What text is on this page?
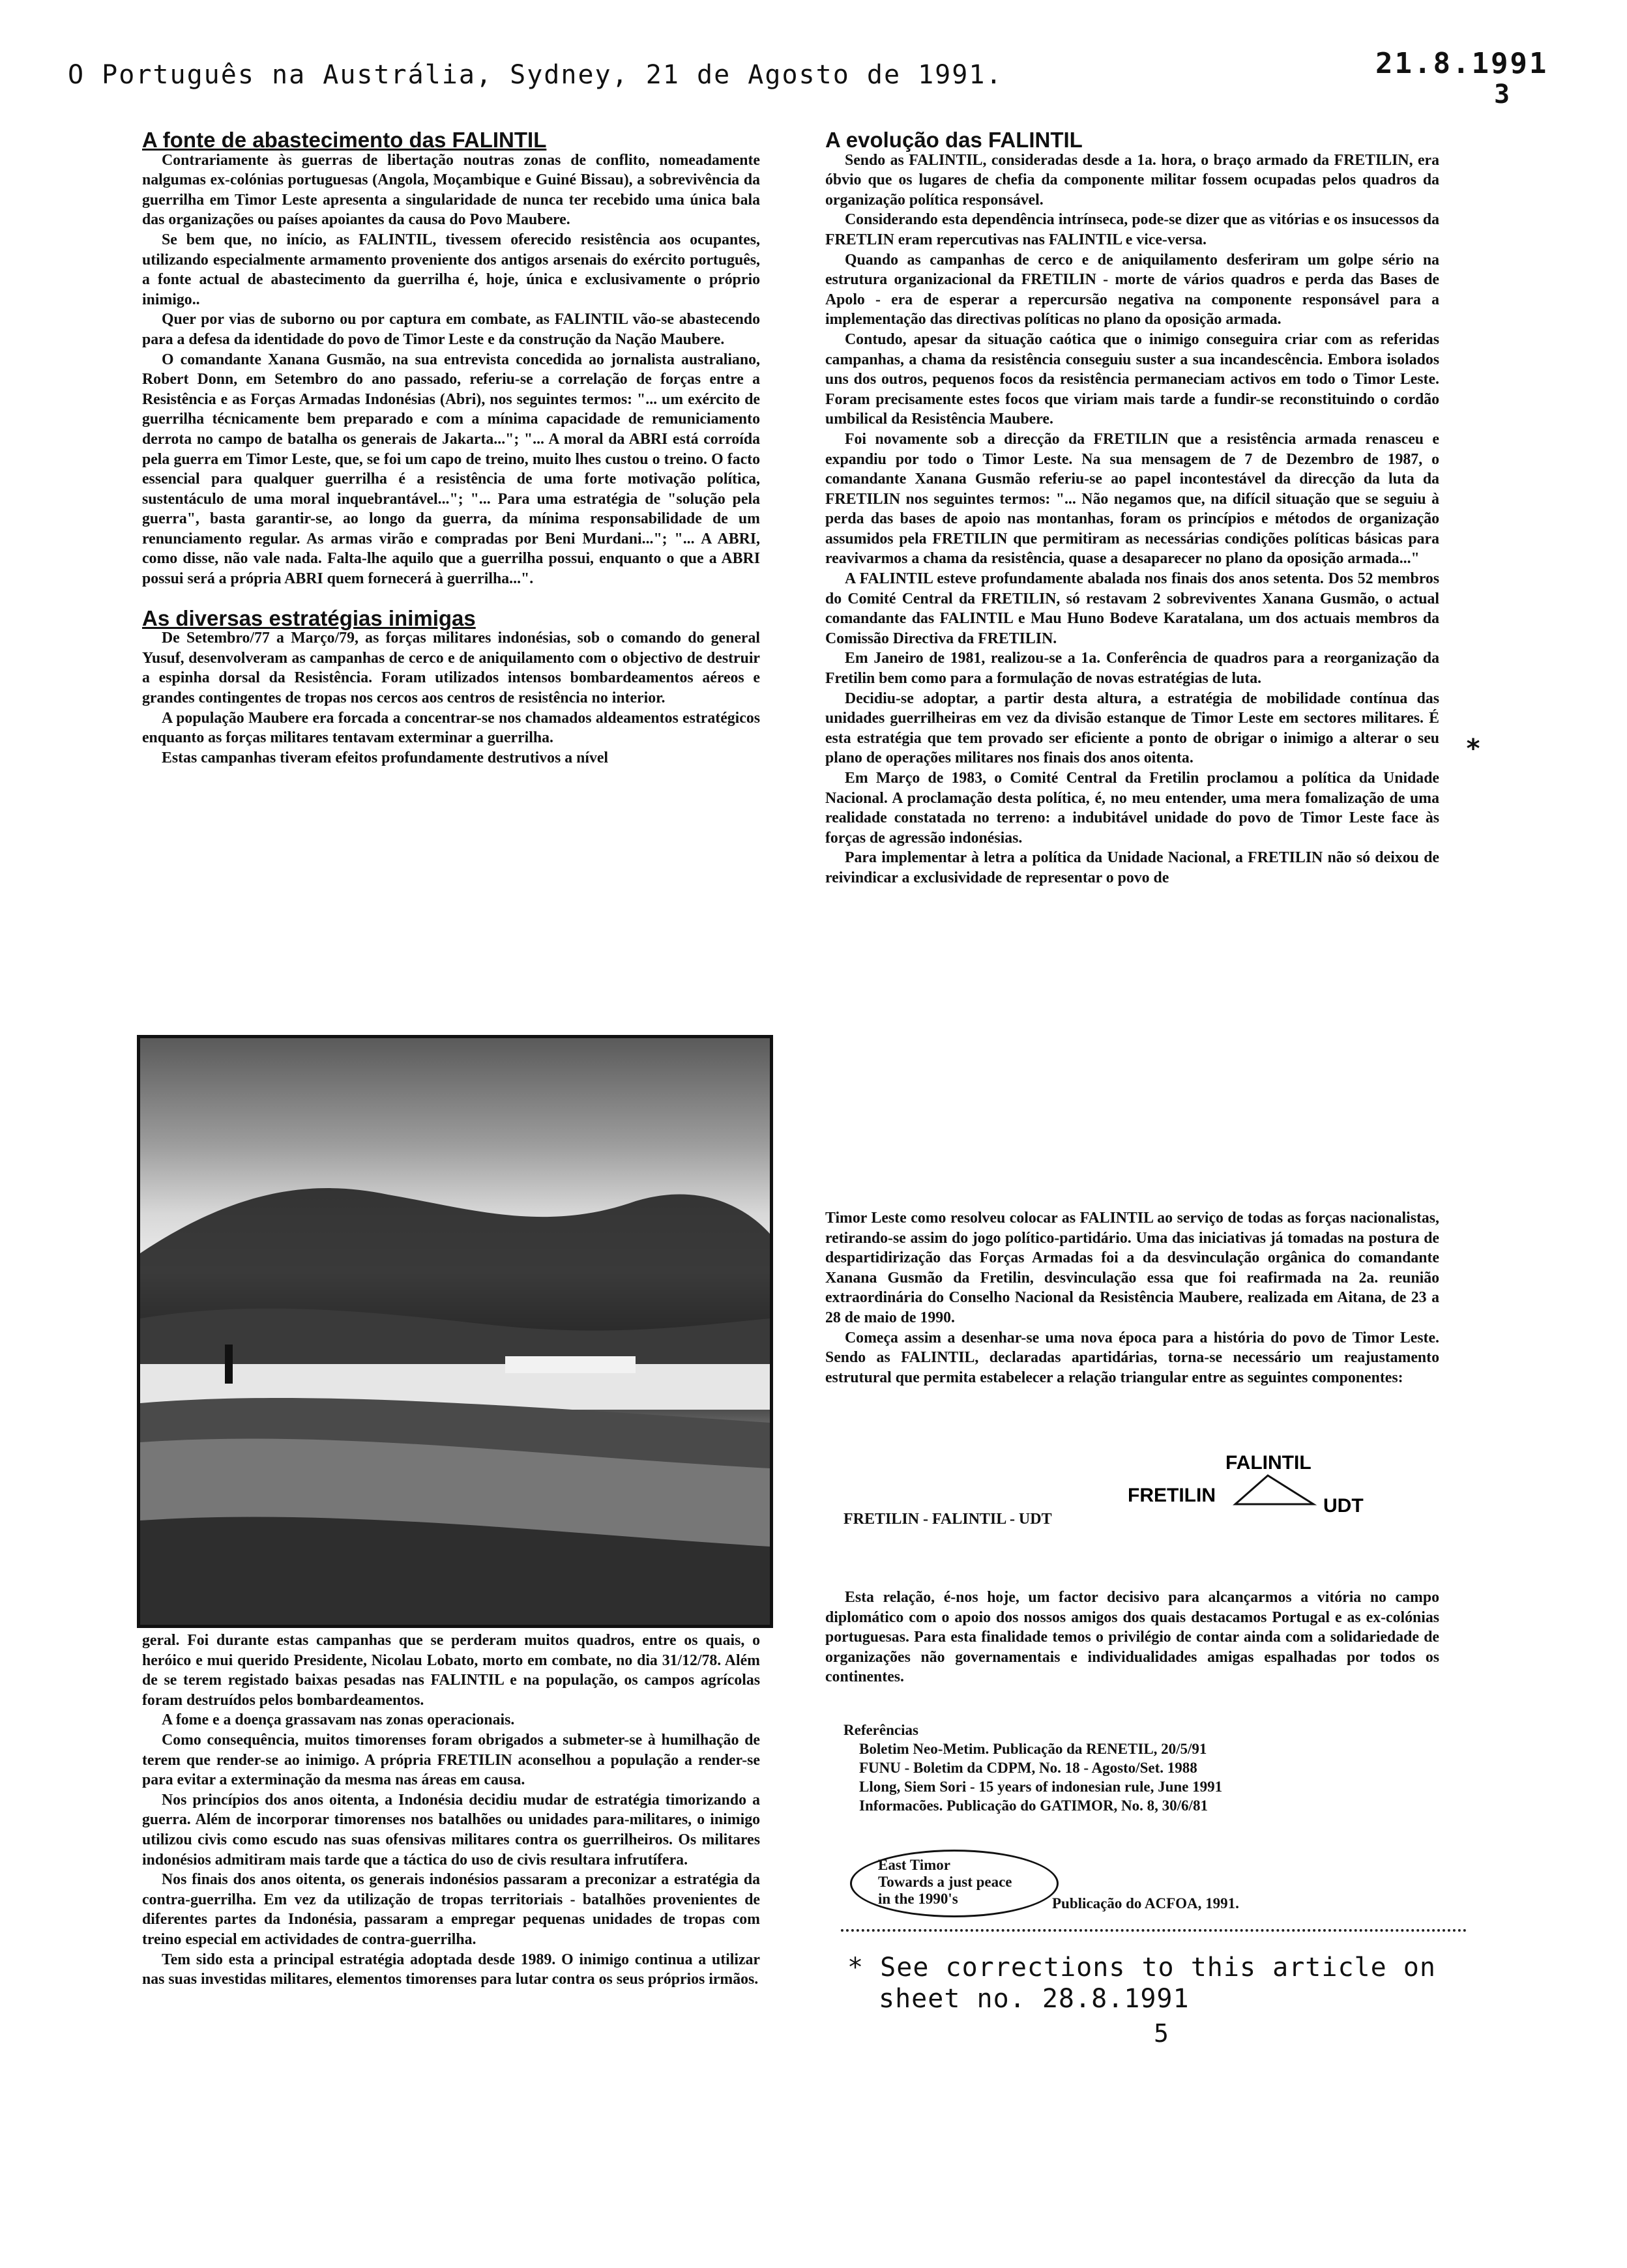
O Português na Austrália, Sydney, 21 de Agosto de 1991.	21.8.1991
3

A fonte de abastecimento das FALINTIL

Contrariamente às guerras de libertação noutras zonas de conflito, nomeadamente nalgumas ex-colónias portuguesas (Angola, Moçambique e Guiné Bissau), a sobrevivência da guerrilha em Timor Leste apresenta a singularidade de nunca ter recebido uma única bala das organizações ou países apoiantes da causa do Povo Maubere.

Se bem que, no início, as FALINTIL, tivessem oferecido resistência aos ocupantes, utilizando especialmente armamento proveniente dos antigos arsenais do exército português, a fonte actual de abastecimento da guerrilha é, hoje, única e exclusivamente o próprio inimigo..

Quer por vias de suborno ou por captura em combate, as FALINTIL vão-se abastecendo para a defesa da identidade do povo de Timor Leste e da construção da Nação Maubere.

O comandante Xanana Gusmão, na sua entrevista concedida ao jornalista australiano, Robert Donn, em Setembro do ano passado, referiu-se a correlação de forças entre a Resistência e as Forças Armadas Indonésias (Abri), nos seguintes termos: "... um exército de guerrilha técnicamente bem preparado e com a mínima capacidade de remuniciamento derrota no campo de batalha os generais de Jakarta..."; "... A moral da ABRI está corroída pela guerra em Timor Leste, que, se foi um capo de treino, muito lhes custou o treino. O facto essencial para qualquer guerrilha é a resistência de uma forte motivação política, sustentáculo de uma moral inquebrantável..."; "... Para uma estratégia de "solução pela guerra", basta garantir-se, ao longo da guerra, da mínima responsabilidade de um renunciamento regular. As armas virão e compradas por Beni Murdani..."; "... A ABRI, como disse, não vale nada. Falta-lhe aquilo que a guerrilha possui, enquanto o que a ABRI possui será a própria ABRI quem fornecerá à guerrilha...".

As diversas estratégias inimigas

De Setembro/77 a Março/79, as forças militares indonésias, sob o comando do general Yusuf, desenvolveram as campanhas de cerco e de aniquilamento com o objectivo de destruir a espinha dorsal da Resistência. Foram utilizados intensos bombardeamentos aéreos e grandes contingentes de tropas nos cercos aos centros de resistência no interior.

A população Maubere era forcada a concentrar-se nos chamados aldeamentos estratégicos enquanto as forças militares tentavam exterminar a guerrilha.

Estas campanhas tiveram efeitos profundamente destrutivos a nível

geral. Foi durante estas campanhas que se perderam muitos quadros, entre os quais, o heróico e mui querido Presidente, Nicolau Lobato, morto em combate, no dia 31/12/78. Além de se terem registado baixas pesadas nas FALINTIL e na população, os campos agrícolas foram destruídos pelos bombardeamentos.

A fome e a doença grassavam nas zonas operacionais.

Como consequência, muitos timorenses foram obrigados a submeter-se à humilhação de terem que render-se ao inimigo. A própria FRETILIN aconselhou a população a render-se para evitar a exterminação da mesma nas áreas em causa.

Nos princípios dos anos oitenta, a Indonésia decidiu mudar de estratégia timorizando a guerra. Além de incorporar timorenses nos batalhões ou unidades para-militares, o inimigo utilizou civis como escudo nas suas ofensivas militares contra os guerrilheiros. Os militares indonésios admitiram mais tarde que a táctica do uso de civis resultara infrutífera.

Nos finais dos anos oitenta, os generais indonésios passaram a preconizar a estratégia da contra-guerrilha. Em vez da utilização de tropas territoriais - batalhões provenientes de diferentes partes da Indonésia, passaram a empregar pequenas unidades de tropas com treino especial em actividades de contra-guerrilha.

Tem sido esta a principal estratégia adoptada desde 1989. O inimigo continua a utilizar nas suas investidas militares, elementos timorenses para lutar contra os seus próprios irmãos.

A evolução das FALINTIL

Sendo as FALINTIL, consideradas desde a 1a. hora, o braço armado da FRETILIN, era óbvio que os lugares de chefia da componente militar fossem ocupadas pelos quadros da organização política responsável.

Considerando esta dependência intrínseca, pode-se dizer que as vitórias e os insucessos da FRETLIN eram repercutivas nas FALINTIL e vice-versa.

Quando as campanhas de cerco e de aniquilamento desferiram um golpe sério na estrutura organizacional da FRETILIN - morte de vários quadros e perda das Bases de Apolo - era de esperar a repercursão negativa na componente responsável para a implementação das directivas políticas no plano da oposição armada.

Contudo, apesar da situação caótica que o inimigo conseguira criar com as referidas campanhas, a chama da resistência conseguiu suster a sua incandescência. Embora isolados uns dos outros, pequenos focos da resistência permaneciam activos em todo o Timor Leste. Foram precisamente estes focos que viriam mais tarde a fundir-se reconstituindo o cordão umbilical da Resistência Maubere.

Foi novamente sob a direcção da FRETILIN que a resistência armada renasceu e expandiu por todo o Timor Leste. Na sua mensagem de 7 de Dezembro de 1987, o comandante Xanana Gusmão referiu-se ao papel incontestável da direcção da luta da FRETILIN nos seguintes termos: "... Não negamos que, na difícil situação que se seguiu à perda das bases de apoio nas montanhas, foram os princípios e métodos de organização assumidos pela FRETILIN que permitiram as necessárias condições políticas básicas para reavivarmos a chama da resistência, quase a desaparecer no plano da oposição armada..."

A FALINTIL esteve profundamente abalada nos finais dos anos setenta. Dos 52 membros do Comité Central da FRETILIN, só restavam 2 sobreviventes Xanana Gusmão, o actual comandante das FALINTIL e Mau Huno Bodeve Karatalana, um dos actuais membros da Comissão Directiva da FRETILIN.

Em Janeiro de 1981, realizou-se a 1a. Conferência de quadros para a reorganização da Fretilin bem como para a formulação de novas estratégias de luta.

Decidiu-se adoptar, a partir desta altura, a estratégia de mobilidade contínua das unidades guerrilheiras em vez da divisão estanque de Timor Leste em sectores militares. É esta estratégia que tem provado ser eficiente a ponto de obrigar o inimigo a alterar o seu plano de operações militares nos finais dos anos oitenta.

Em Março de 1983, o Comité Central da Fretilin proclamou a política da Unidade Nacional. A proclamação desta política, é, no meu entender, uma mera fomalização de uma realidade constatada no terreno: a indubitável unidade do povo de Timor Leste face às forças de agressão indonésias.

Para implementar à letra a política da Unidade Nacional, a FRETILIN não só deixou de reivindicar a exclusividade de representar o povo de

Timor Leste como resolveu colocar as FALINTIL ao serviço de todas as forças nacionalistas, retirando-se assim do jogo político-partidário. Uma das iniciativas já tomadas na postura de despartidirização das Forças Armadas foi a da desvinculação orgânica do comandante Xanana Gusmão da Fretilin, desvinculação essa que foi reafirmada na 2a. reunião extraordinária do Conselho Nacional da Resistência Maubere, realizada em Aitana, de 23 a 28 de maio de 1990.

Começa assim a desenhar-se uma nova época para a história do povo de Timor Leste. Sendo as FALINTIL, declaradas apartidárias, torna-se necessário um reajustamento estrutural que permita estabelecer a relação triangular entre as seguintes componentes:

FALINTIL
FRETILIN	UDT
FRETILIN - FALINTIL - UDT

Esta relação, é-nos hoje, um factor decisivo para alcançarmos a vitória no campo diplomático com o apoio dos nossos amigos dos quais destacamos Portugal e as ex-colónias portuguesas. Para esta finalidade temos o privilégio de contar ainda com a solidariedade de organizações não governamentais e individualidades amigas espalhadas por todos os continentes.

Referências
Boletim Neo-Metim. Publicação da RENETIL, 20/5/91
FUNU - Boletim da CDPM, No. 18 - Agosto/Set. 1988
Llong, Siem Sori - 15 years of indonesian rule, June 1991
Informacões. Publicação do GATIMOR, No. 8, 30/6/81
East Timor
Towards a just peace
in the 1990's	Publicação do ACFOA, 1991.
*
* See corrections to this article on
sheet no. 28.8.1991
5
